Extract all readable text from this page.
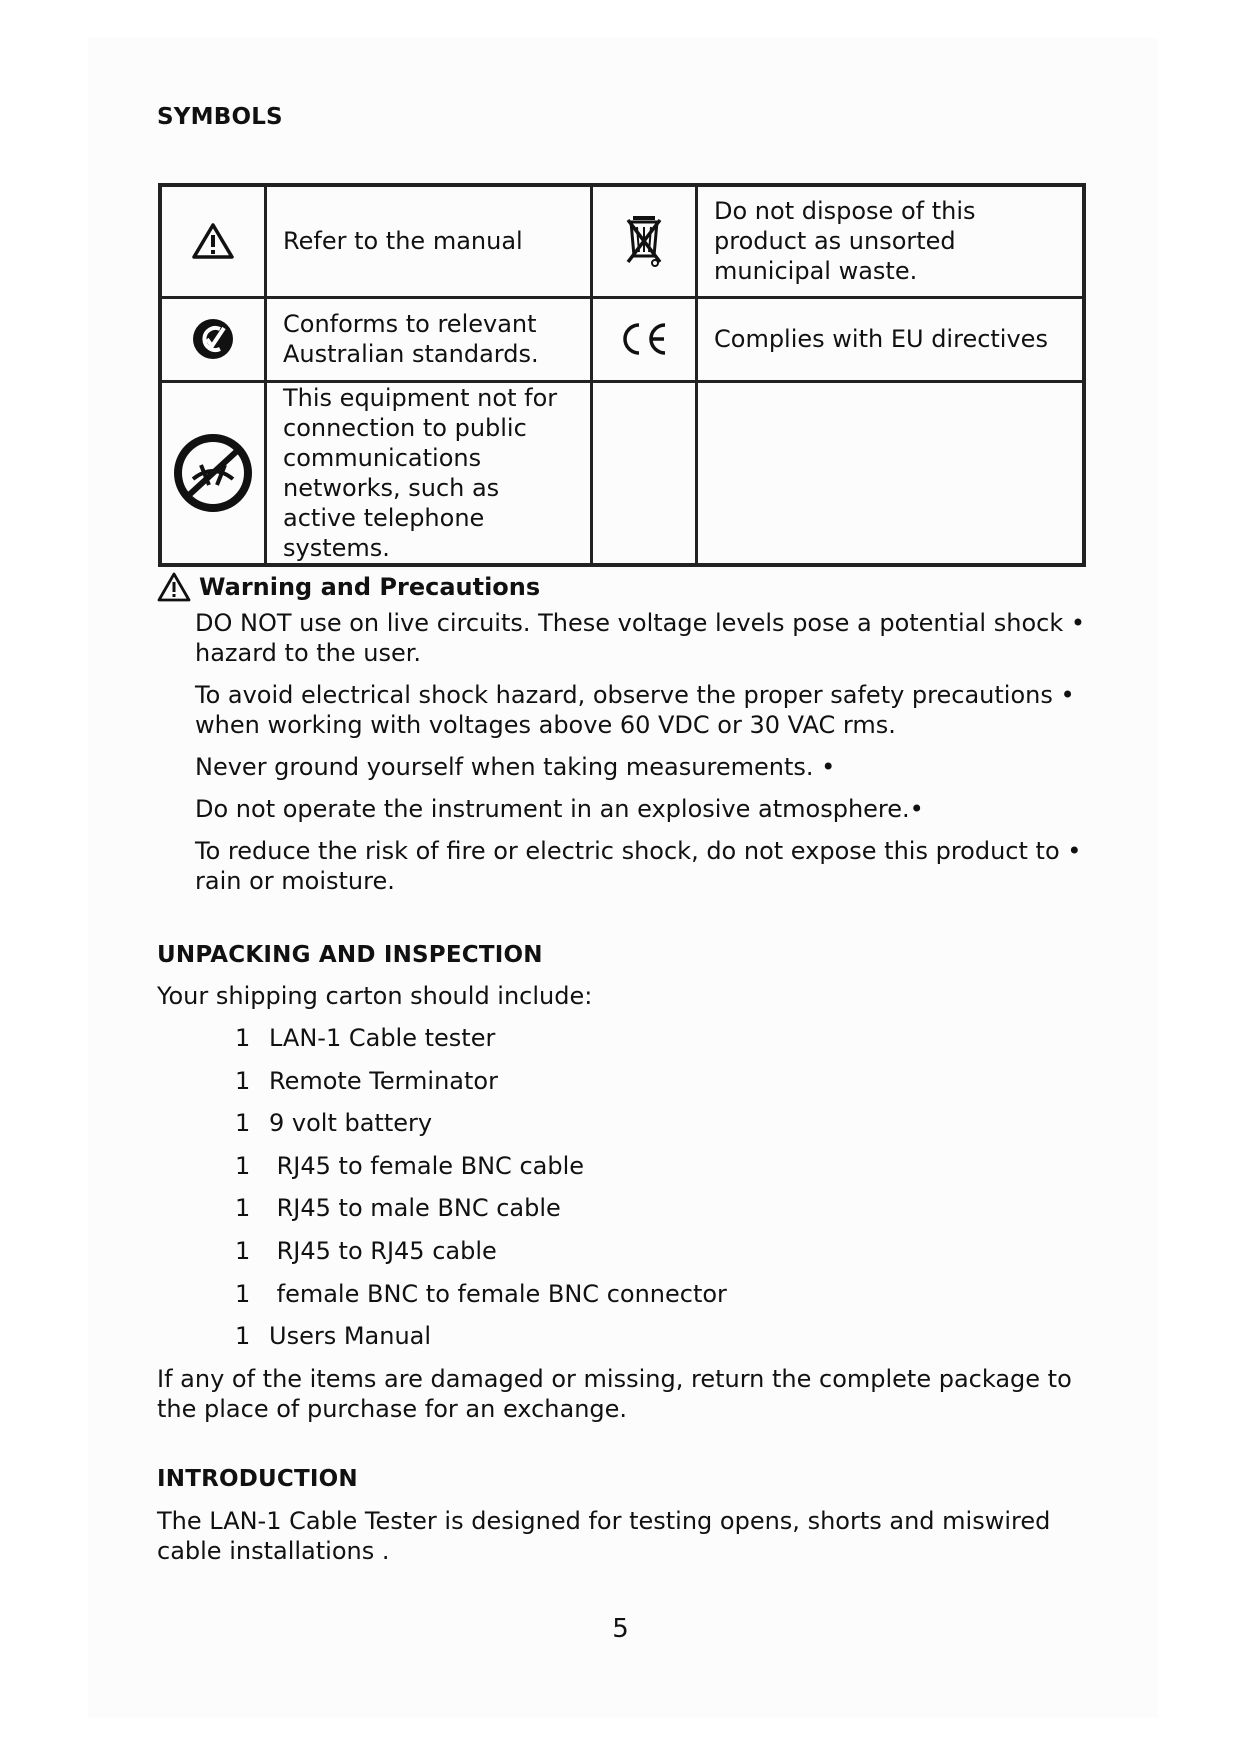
SYMBOLS
	Refer to the manual		Do not dispose of this product as unsorted municipal waste.
	Conforms to relevant Australian standards.		Complies with EU directives
	This equipment not for connection to public communications networks, such as active telephone systems.		
Warning and Precautions

DO NOT use on live circuits. These voltage levels pose a potential shock • hazard to the user.

To avoid electrical shock hazard, observe the proper safety precautions • when working with voltages above 60 VDC or 30 VAC rms.

Never ground yourself when taking measurements. •

Do not operate the instrument in an explosive atmosphere.•

To reduce the risk of fire or electric shock, do not expose this product to • rain or moisture.

UNPACKING AND INSPECTION
Your shipping carton should include:
1 LAN-1 Cable tester
1 Remote Terminator
1 9 volt battery
1 RJ45 to female BNC cable
1 RJ45 to male BNC cable
1 RJ45 to RJ45 cable
1 female BNC to female BNC connector
1 Users Manual
If any of the items are damaged or missing, return the complete package to the place of purchase for an exchange.
INTRODUCTION
The LAN-1 Cable Tester is designed for testing opens, shorts and miswired cable installations .
5
